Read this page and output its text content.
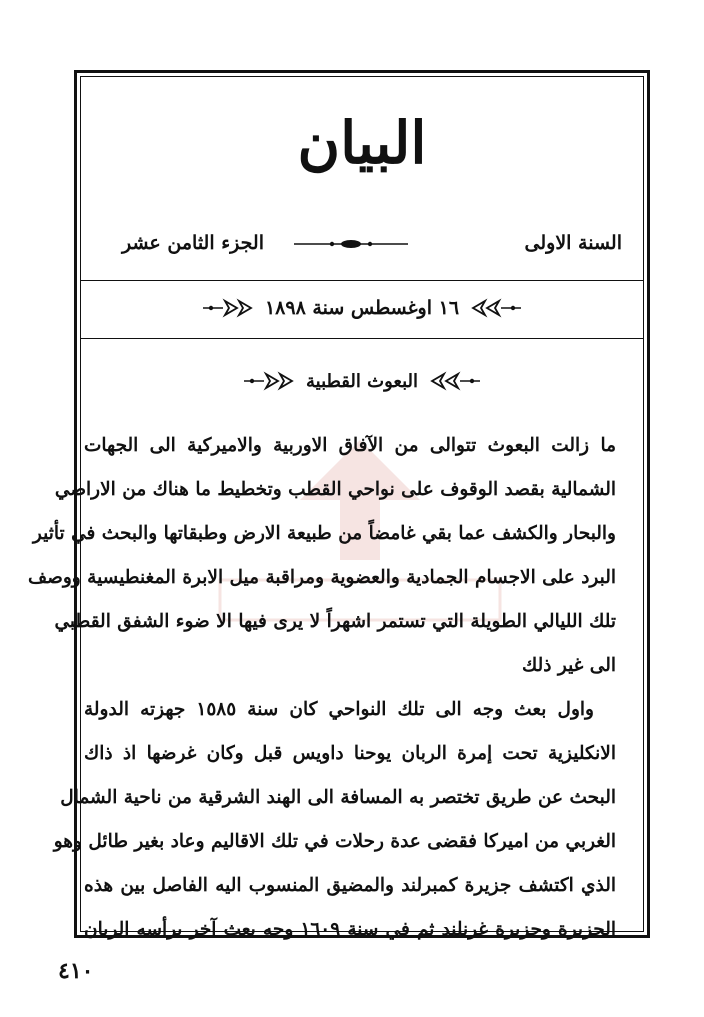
البيان
السنة الاولى
الجزء الثامن عشر
١٦ اوغسطس سنة ١٨٩٨
البعوث القطبية
ما زالت البعوث تتوالى من الآفاق الاوربية والاميركية الى الجهات
الشمالية بقصد الوقوف على نواحي القطب وتخطيط ما هناك من الاراضي
والبحار والكشف عما بقي غامضاً من طبيعة الارض وطبقاتها والبحث في تأثير
البرد على الاجسام الجمادية والعضوية ومراقبة ميل الابرة المغنطيسية ووصف
تلك الليالي الطويلة التي تستمر اشهراً لا يرى فيها الا ضوء الشفق القطبي
الى غير ذلك
واول بعث وجه الى تلك النواحي كان سنة ١٥٨٥ جهزته الدولة
الانكليزية تحت إمرة الربان يوحنا داويس قبل وكان غرضها اذ ذاك
البحث عن طريق تختصر به المسافة الى الهند الشرقية من ناحية الشمال
الغربي من اميركا فقضى عدة رحلات في تلك الاقاليم وعاد بغير طائل وهو
الذي اكتشف جزيرة كمبرلند والمضيق المنسوب اليه الفاصل بين هذه
الجزيرة وجزيرة غرنلند ثم في سنة ١٦٠٩ وجه بعث آخر يرأسه الربان
٤١٠
